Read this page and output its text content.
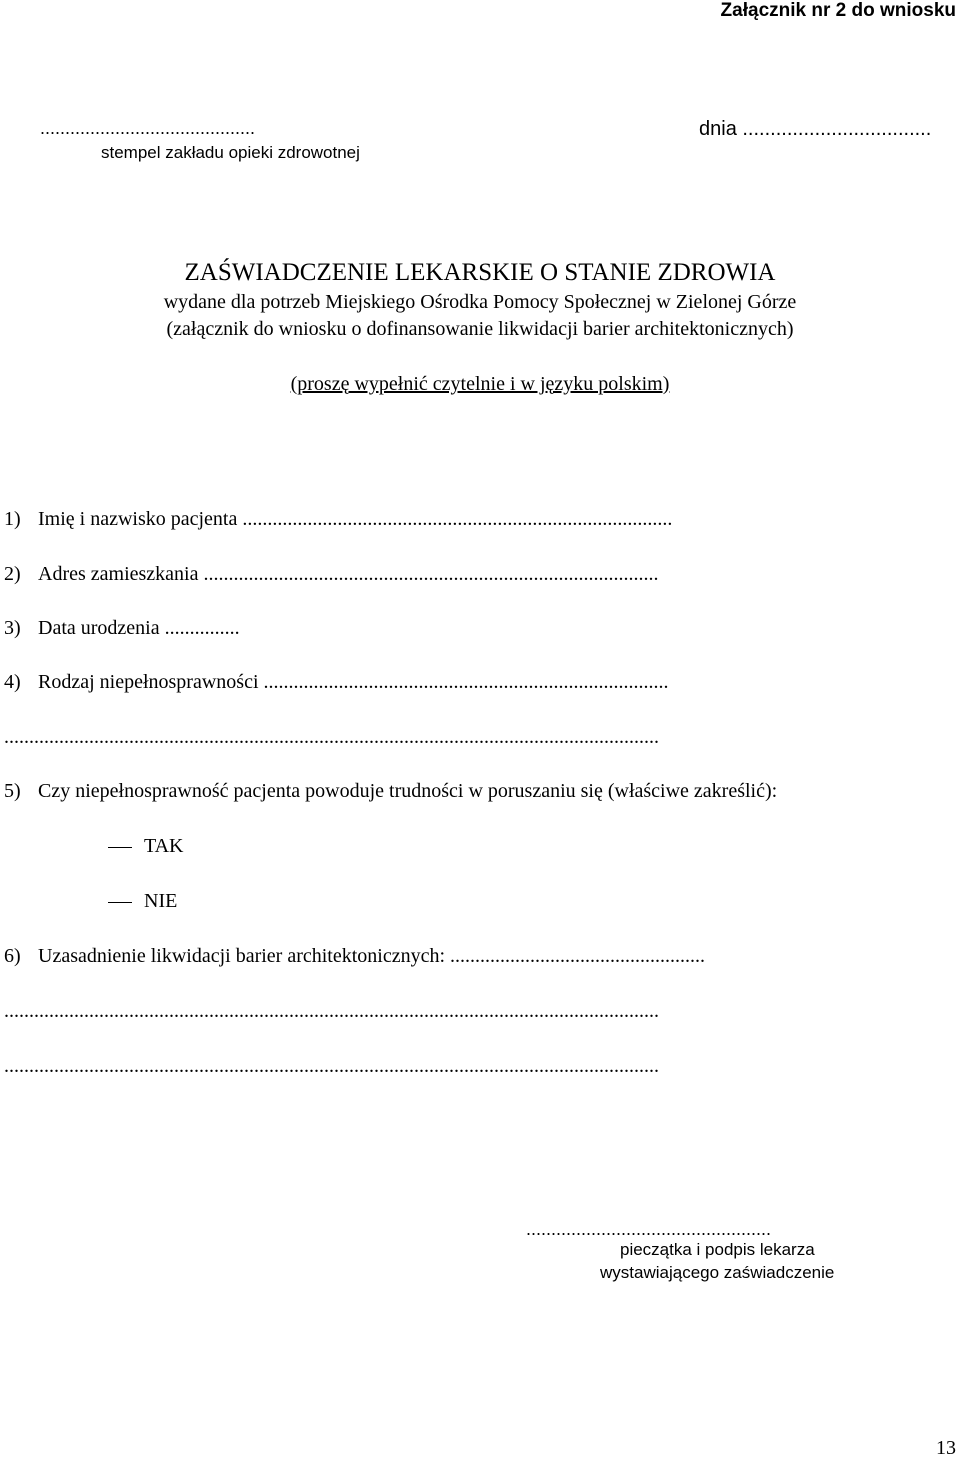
Załącznik nr 2 do wniosku
...........................................
stempel zakładu opieki zdrowotnej
dnia ..................................
ZAŚWIADCZENIE LEKARSKIE O STANIE ZDROWIA
wydane dla potrzeb Miejskiego Ośrodka Pomocy Społecznej w Zielonej Górze
(załącznik do wniosku o dofinansowanie likwidacji barier architektonicznych)
(proszę wypełnić czytelnie i w języku polskim)
1) Imię i nazwisko pacjenta ......................................................................................
2) Adres zamieszkania ...........................................................................................
3) Data urodzenia ...............
4) Rodzaj niepełnosprawności .................................................................................
...................................................................................................................................
5) Czy niepełnosprawność pacjenta powoduje trudności w poruszaniu się (właściwe zakreślić):
TAK
NIE
6) Uzasadnienie likwidacji barier architektonicznych: ...................................................
...................................................................................................................................
...................................................................................................................................
.................................................
pieczątka i podpis lekarza
wystawiającego zaświadczenie
13
